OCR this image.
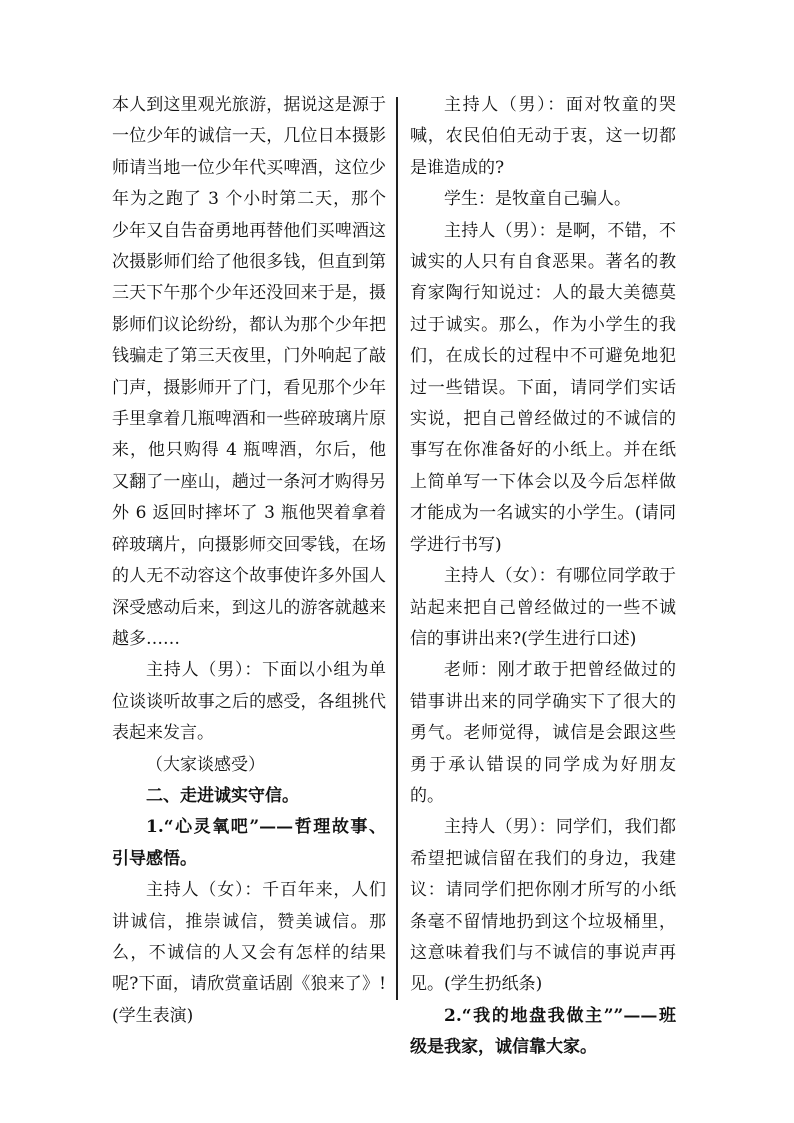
本人到这里观光旅游，据说这是源于一位少年的诚信一天，几位日本摄影师请当地一位少年代买啤酒，这位少年为之跑了 3 个小时第二天，那个少年又自告奋勇地再替他们买啤酒这次摄影师们给了他很多钱，但直到第三天下午那个少年还没回来于是，摄影师们议论纷纷，都认为那个少年把钱骗走了第三天夜里，门外响起了敲门声，摄影师开了门，看见那个少年手里拿着几瓶啤酒和一些碎玻璃片原来，他只购得 4 瓶啤酒，尔后，他又翻了一座山，趟过一条河才购得另外 6 返回时摔坏了 3 瓶他哭着拿着碎玻璃片，向摄影师交回零钱，在场的人无不动容这个故事使许多外国人深受感动后来，到这儿的游客就越来越多……

主持人（男）：下面以小组为单位谈谈听故事之后的感受，各组挑代表起来发言。

（大家谈感受）

二、走进诚实守信。

1.“心灵氧吧”——哲理故事、引导感悟。

主持人（女）：千百年来，人们讲诚信，推崇诚信，赞美诚信。那么，不诚信的人又会有怎样的结果呢?下面，请欣赏童话剧《狼来了》!(学生表演)

主持人（男）：面对牧童的哭喊，农民伯伯无动于衷，这一切都是谁造成的?

学生：是牧童自己骗人。

主持人（男）：是啊，不错，不诚实的人只有自食恶果。著名的教育家陶行知说过：人的最大美德莫过于诚实。那么，作为小学生的我们，在成长的过程中不可避免地犯过一些错误。下面，请同学们实话实说，把自己曾经做过的不诚信的事写在你准备好的小纸上。并在纸上简单写一下体会以及今后怎样做才能成为一名诚实的小学生。(请同学进行书写)

主持人（女）：有哪位同学敢于站起来把自己曾经做过的一些不诚信的事讲出来?(学生进行口述)

老师：刚才敢于把曾经做过的错事讲出来的同学确实下了很大的勇气。老师觉得，诚信是会跟这些勇于承认错误的同学成为好朋友的。

主持人（男）：同学们，我们都希望把诚信留在我们的身边，我建议：请同学们把你刚才所写的小纸条毫不留情地扔到这个垃圾桶里，这意味着我们与不诚信的事说声再见。(学生扔纸条)

2.“我的地盘我做主””——班级是我家，诚信靠大家。
